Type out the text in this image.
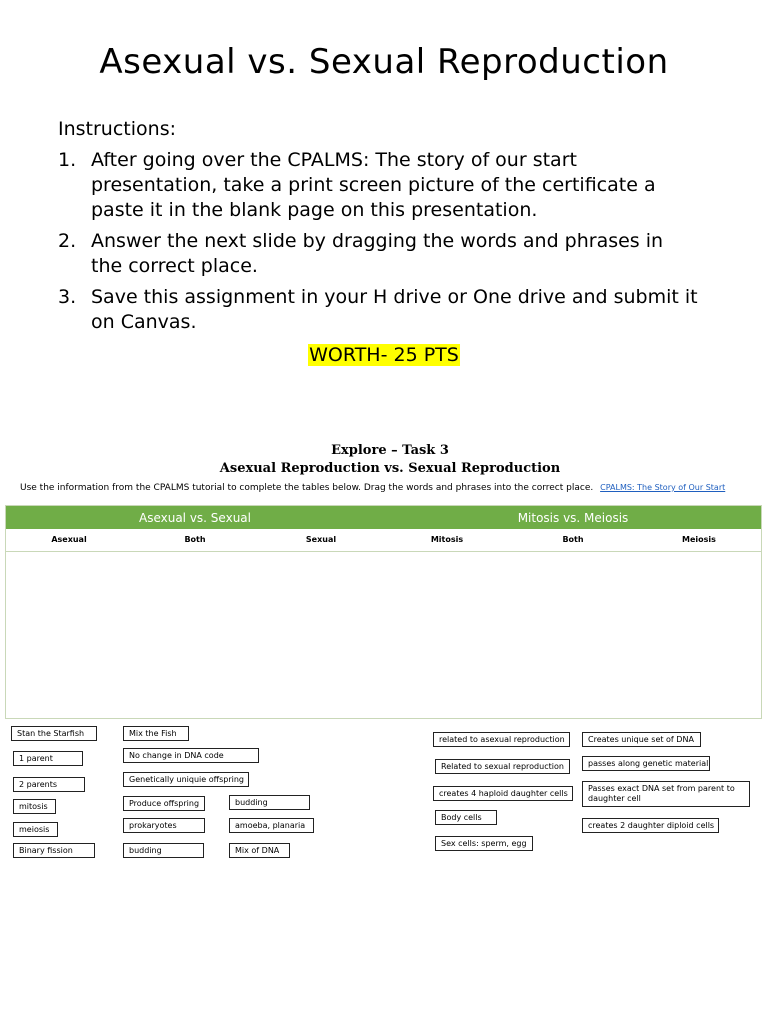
Asexual vs. Sexual Reproduction
Instructions:
1. After going over the CPALMS: The story of our start presentation, take a print screen picture of the certificate a paste it in the blank page on this presentation.
2. Answer the next slide by dragging the words and phrases in the correct place.
3. Save this assignment in your H drive or One drive and submit it on Canvas.
WORTH- 25 PTS
Explore – Task 3
Asexual Reproduction vs. Sexual Reproduction
Use the information from the CPALMS tutorial to complete the tables below. Drag the words and phrases into the correct place. CPALMS: The Story of Our Start
Asexual vs. Sexual	Mitosis vs. Meiosis
Asexual	Both	Sexual	Mitosis	Both	Meiosis
Stan the Starfish	Mix the Fish
No change in DNA code
1 parent
Genetically uniquie offspring
2 parents
Produce offspring	budding
mitosis
prokaryotes	amoeba, planaria
meiosis
Binary fission	budding	Mix of DNA
related to asexual reproduction	Creates unique set of DNA
Related to sexual reproduction	passes along genetic material
creates 4 haploid daughter cells
Passes exact DNA set from parent to daughter cell
Body cells
creates 2 daughter diploid cells
Sex cells: sperm, egg
